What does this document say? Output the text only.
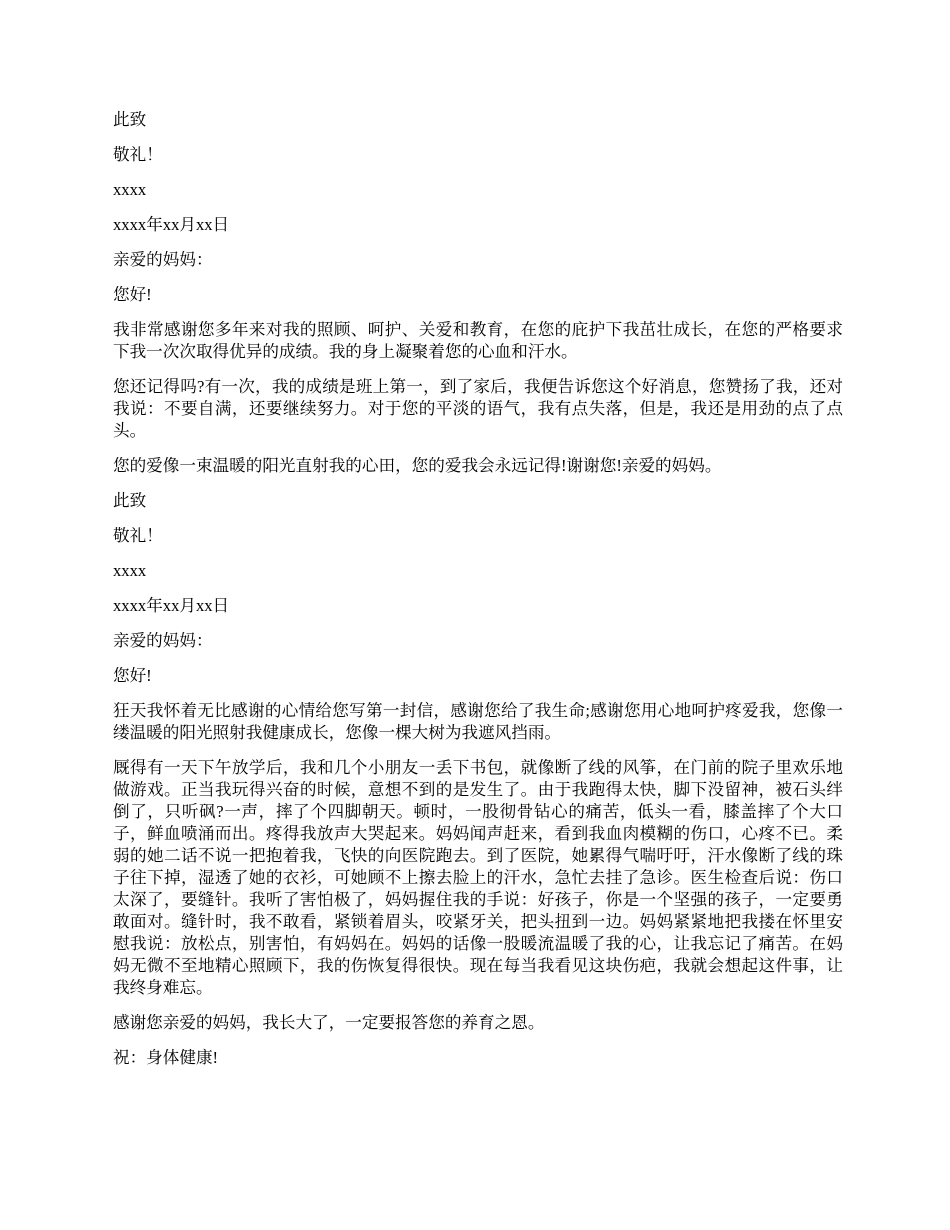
此致

敬礼！

xxxx

xxxx年xx月xx日

亲爱的妈妈：

您好!

我非常感谢您多年来对我的照顾、呵护、关爱和教育，在您的庇护下我茁壮成长，在您的严格要求下我一次次取得优异的成绩。我的身上凝聚着您的心血和汗水。

您还记得吗?有一次，我的成绩是班上第一，到了家后，我便告诉您这个好消息，您赞扬了我，还对我说：不要自满，还要继续努力。对于您的平淡的语气，我有点失落，但是，我还是用劲的点了点头。

您的爱像一束温暖的阳光直射我的心田，您的爱我会永远记得!谢谢您!亲爱的妈妈。

此致

敬礼！

xxxx

xxxx年xx月xx日

亲爱的妈妈：

您好!

狂天我怀着无比感谢的心情给您写第一封信，感谢您给了我生命;感谢您用心地呵护疼爱我，您像一缕温暖的阳光照射我健康成长，您像一棵大树为我遮风挡雨。

厩得有一天下午放学后，我和几个小朋友一丢下书包，就像断了线的风筝，在门前的院子里欢乐地做游戏。正当我玩得兴奋的时候，意想不到的是发生了。由于我跑得太快，脚下没留神，被石头绊倒了，只听砜?一声，摔了个四脚朝天。顿时，一股彻骨钻心的痛苦，低头一看，膝盖摔了个大口子，鲜血喷涌而出。疼得我放声大哭起来。妈妈闻声赶来，看到我血肉模糊的伤口，心疼不已。柔弱的她二话不说一把抱着我，飞快的向医院跑去。到了医院，她累得气喘吁吁，汗水像断了线的珠子往下掉，湿透了她的衣衫，可她顾不上擦去脸上的汗水，急忙去挂了急诊。医生检查后说：伤口太深了，要缝针。我听了害怕极了，妈妈握住我的手说：好孩子，你是一个坚强的孩子，一定要勇敢面对。缝针时，我不敢看，紧锁着眉头，咬紧牙关，把头扭到一边。妈妈紧紧地把我搂在怀里安慰我说：放松点，别害怕，有妈妈在。妈妈的话像一股暖流温暖了我的心，让我忘记了痛苦。在妈妈无微不至地精心照顾下，我的伤恢复得很快。现在每当我看见这块伤疤，我就会想起这件事，让我终身难忘。

感谢您亲爱的妈妈，我长大了，一定要报答您的养育之恩。

祝：身体健康!
